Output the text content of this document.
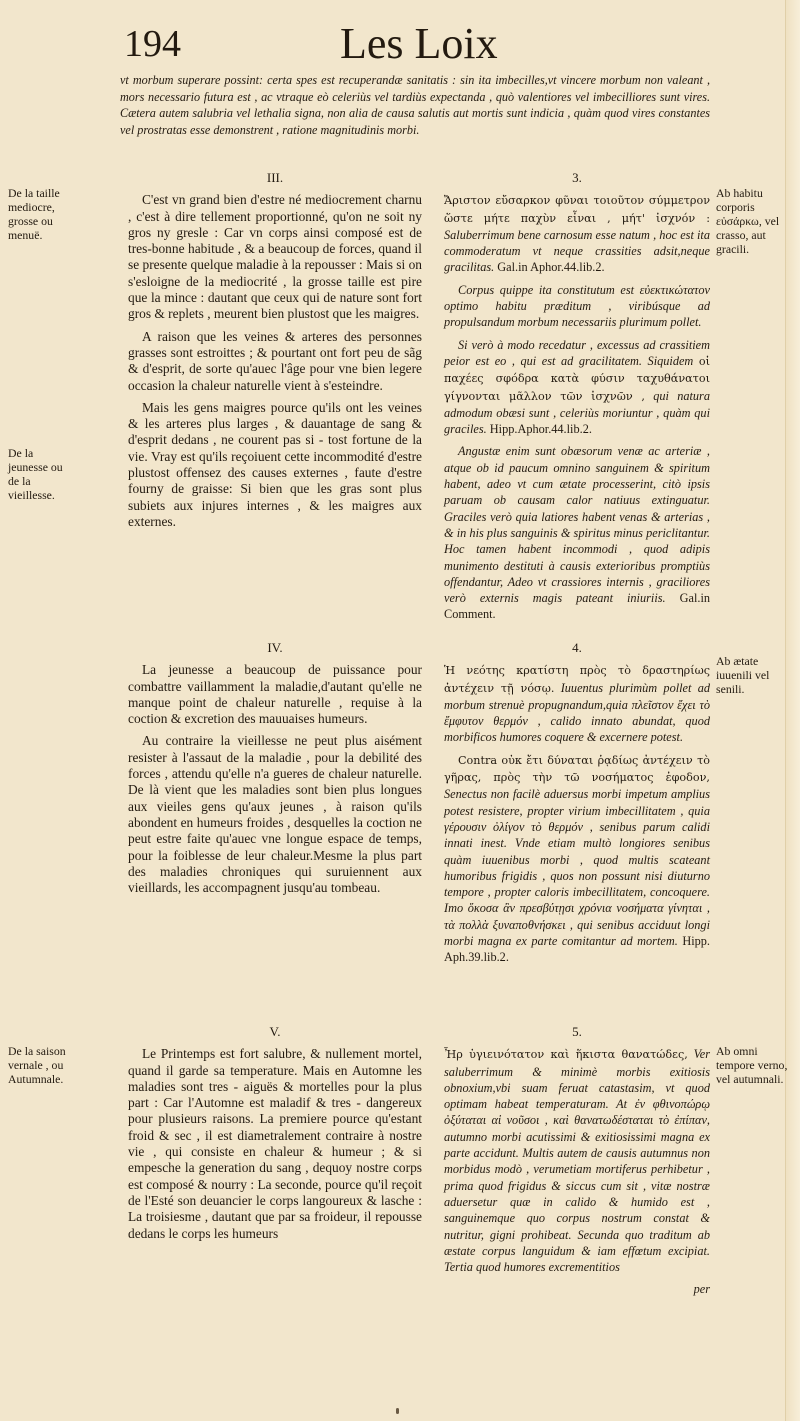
194	Les Loix
vt morbum superare possint: certa spes est recuperandæ sanitatis : sin ita imbecilles,vt vincere morbum non valeant , mors necessario futura est , ac vtraque eò celeriùs vel tardiùs expectanda , quò valentiores vel imbecilliores sunt vires. Cætera autem salubria vel lethalia signa, non alia de causa salutis aut mortis sunt indicia , quàm quod vires constantes vel prostratas esse demonstrent , ratione magnitudinis morbi.
De la taille mediocre, grosse ou menuë.
III.

C'est vn grand bien d'estre né mediocrement charnu , c'est à dire tellement proportionné, qu'on ne soit ny gros ny gresle : Car vn corps ainsi composé est de tres-bonne habitude , & a beaucoup de forces, quand il se presente quelque maladie à la repousser : Mais si on s'esloigne de la mediocrité , la grosse taille est pire que la mince : dautant que ceux qui de nature sont fort gros & replets , meurent bien plustost que les maigres.

A raison que les veines & arteres des personnes grasses sont estroittes ; & pourtant ont fort peu de sãg & d'esprit, de sorte qu'auec l'âge pour vne bien legere occasion la chaleur naturelle vient à s'esteindre.

Mais les gens maigres pource qu'ils ont les veines & les arteres plus larges , & dauantage de sang & d'esprit dedans , ne courent pas si - tost fortune de la vie. Vray est qu'ils reçoiuent cette incommodité d'estre plustost offensez des causes externes , faute d'estre fourny de graisse: Si bien que les gras sont plus subiets aux injures internes , & les maigres aux externes.

3.

Ἄριστον εὔσαρκον φῦναι τοιοῦτον σύμμετρον ὥστε μήτε παχὺν εἶναι , μήτ' ἰσχνόν : Saluberrimum bene carnosum esse natum , hoc est ita commoderatum vt neque crassities adsit,neque gracilitas. Gal.in Aphor.44.lib.2.

Corpus quippe ita constitutum est εὐεκτικώτατον optimo habitu præditum , viribúsque ad propulsandum morbum necessariis plurimum pollet.

Si verò à modo recedatur , excessus ad crassitiem peior est eo , qui est ad gracilitatem. Siquidem οἱ παχέες σφόδρα κατὰ φύσιν ταχυθάνατοι γίγνονται μᾶλλον τῶν ἰσχνῶν , qui natura admodum obæsi sunt , celeriùs moriuntur , quàm qui graciles. Hipp.Aphor.44.lib.2.

Angustæ enim sunt obæsorum venæ ac arteriæ , atque ob id paucum omnino sanguinem & spiritum habent, adeo vt cum ætate processerint, citò ipsis paruam ob causam calor natiuus extinguatur. Graciles verò quia latiores habent venas & arterias , & in his plus sanguinis & spiritus minus periclitantur. Hoc tamen habent incommodi , quod adipis munimento destituti à causis exterioribus promptiùs offendantur, Adeo vt crassiores internis , graciliores verò externis magis pateant iniuriis. Gal.in Comment.

Ab habitu corporis εὐσάρκω, vel crasso, aut gracili.
De la jeunesse ou de la vieillesse.
IV.

La jeunesse a beaucoup de puissance pour combattre vaillamment la maladie,d'autant qu'elle ne manque point de chaleur naturelle , requise à la coction & excretion des mauuaises humeurs.

Au contraire la vieillesse ne peut plus aisément resister à l'assaut de la maladie , pour la debilité des forces , attendu qu'elle n'a gueres de chaleur naturelle. De là vient que les maladies sont bien plus longues aux vieiles gens qu'aux jeunes , à raison qu'ils abondent en humeurs froides , desquelles la coction ne peut estre faite qu'auec vne longue espace de temps, pour la foiblesse de leur chaleur.Mesme la plus part des maladies chroniques qui suruiennent aux vieillards, les accompagnent jusqu'au tombeau.

4.

Ἡ νεότης κρατίστη πρὸς τὸ δραστηρίως ἀντέχειν τῇ νόσῳ. Iuuentus plurimùm pollet ad morbum strenuè propugnandum,quia πλεῖστον ἔχει τὸ ἔμφυτον θερμόν , calido innato abundat, quod morbificos humores coquere & excernere potest.

Contra οὐκ ἔτι δύναται ῥᾳδίως ἀντέχειν τὸ γῆρας, πρὸς τὴν τῶ νοσήματος ἐφοδον, Senectus non facilè aduersus morbi impetum amplius potest resistere, propter virium imbecillitatem , quia γέρουσιν ὀλίγον τὸ θερμόν , senibus parum calidi innati inest. Vnde etiam multò longiores senibus quàm iuuenibus morbi , quod multis scateant humoribus frigidis , quos non possunt nisi diuturno tempore , propter caloris imbecillitatem, concoquere. Imo ὅκοσα ἂν πρεσβύτῃσι χρόνια νοσήματα γίνηται , τὰ πολλὰ ξυναποθνήσκει , qui senibus acciduut longi morbi magna ex parte comitantur ad mortem. Hipp. Aph.39.lib.2.

Ab ætate iuuenili vel senili.
De la saison vernale , ou Autumnale.
V.

Le Printemps est fort salubre, & nullement mortel, quand il garde sa temperature. Mais en Automne les maladies sont tres - aiguës & mortelles pour la plus part : Car l'Automne est maladif & tres - dangereux pour plusieurs raisons. La premiere pource qu'estant froid & sec , il est diametralement contraire à nostre vie , qui consiste en chaleur & humeur ; & si empesche la generation du sang , dequoy nostre corps est composé & nourry : La seconde, pource qu'il reçoit de l'Esté son deuancier le corps langoureux & lasche : La troisiesme , dautant que par sa froideur, il repousse dedans le corps les humeurs

5.

Ἦρ ὑγιεινότατον καὶ ἥκιστα θανατώδες, Ver saluberrimum & minimè morbis exitiosis obnoxium,vbi suam feruat catastasim, vt quod optimam habeat temperaturam. At ἐν φθινοπώρῳ ὀξύταται αἱ νοῦσοι , καὶ θανατωδέσταται τὸ ἐπίπαν, autumno morbi acutissimi & exitiosissimi magna ex parte accidunt. Multis autem de causis autumnus non morbidus modò , verumetiam mortiferus perhibetur , prima quod frigidus & siccus cum sit , vitæ nostræ aduersetur quæ in calido & humido est , sanguinemque quo corpus nostrum constat & nutritur, gigni prohibeat. Secunda quo traditum ab æstate corpus languidum & iam effœtum excipiat. Tertia quod humores excrementitios

per
Ab omni tempore verno, vel autumnali.
